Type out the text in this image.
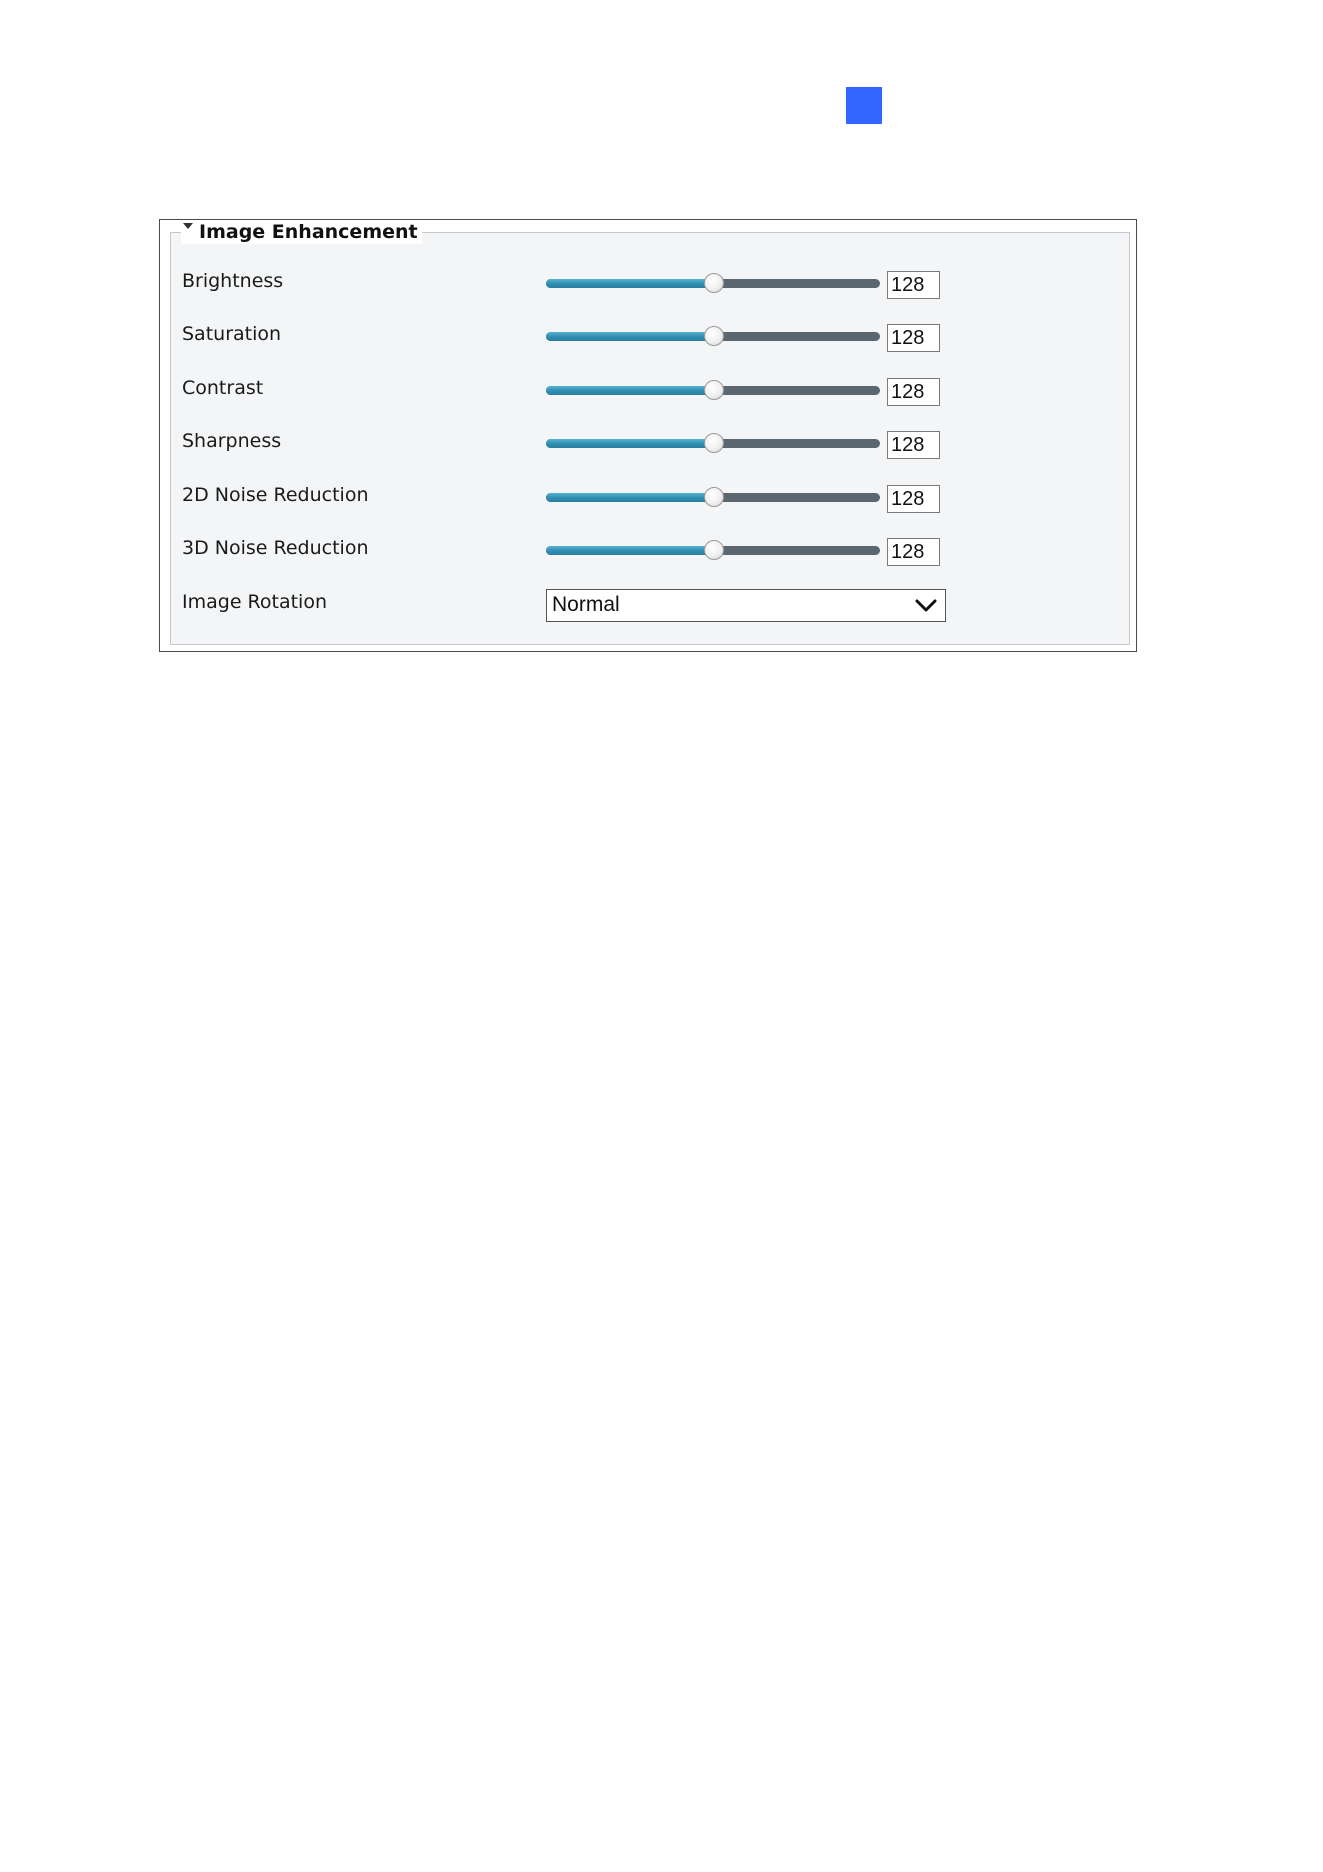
Image Enhancement
Brightness	128
Saturation	128
Contrast	128
Sharpness	128
2D Noise Reduction	128
3D Noise Reduction	128
Image Rotation	Normal
